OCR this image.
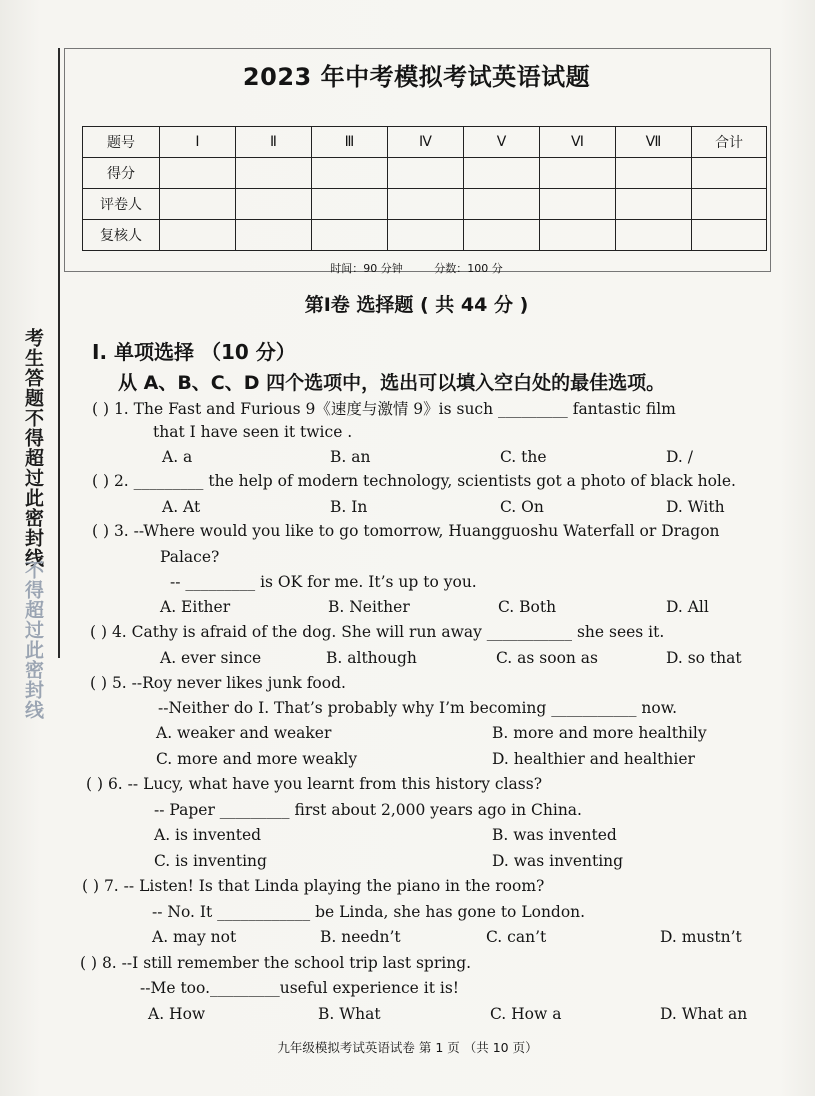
考生答题不得超过此密封线
不得超过此密封线
2023 年中考模拟考试英语试题
题号	Ⅰ	Ⅱ	Ⅲ	Ⅳ	Ⅴ	Ⅵ	Ⅶ	合计
得分								
评卷人								
复核人								
时间：90 分钟	分数：100 分
第Ⅰ卷 选择题 ( 共 44 分 )
I. 单项选择 （10 分）
从 A、B、C、D 四个选项中，选出可以填入空白处的最佳选项。
( ) 1. The Fast and Furious 9《速度与激情 9》is such _________ fantastic film
that I have seen it twice .
A. a	B. an	C. the	D. /
( ) 2. _________ the help of modern technology, scientists got a photo of black hole.
A. At	B. In	C. On	D. With
( ) 3. --Where would you like to go tomorrow, Huangguoshu Waterfall or Dragon
Palace?
-- _________ is OK for me. It’s up to you.
A. Either	B. Neither	C. Both	D. All
( ) 4. Cathy is afraid of the dog. She will run away ___________ she sees it.
A. ever since	B. although	C. as soon as	D. so that
( ) 5. --Roy never likes junk food.
--Neither do I. That’s probably why I’m becoming ___________ now.
A. weaker and weaker	B. more and more healthily
C. more and more weakly	D. healthier and healthier
( ) 6. -- Lucy, what have you learnt from this history class?
-- Paper _________ first about 2,000 years ago in China.
A. is invented	B. was invented
C. is inventing	D. was inventing
( ) 7. -- Listen! Is that Linda playing the piano in the room?
-- No. It ____________ be Linda, she has gone to London.
A. may not	B. needn’t	C. can’t	D. mustn’t
( ) 8. --I still remember the school trip last spring.
--Me too._________useful experience it is!
A. How	B. What	C. How a	D. What an
九年级模拟考试英语试卷 第 1 页 （共 10 页）
